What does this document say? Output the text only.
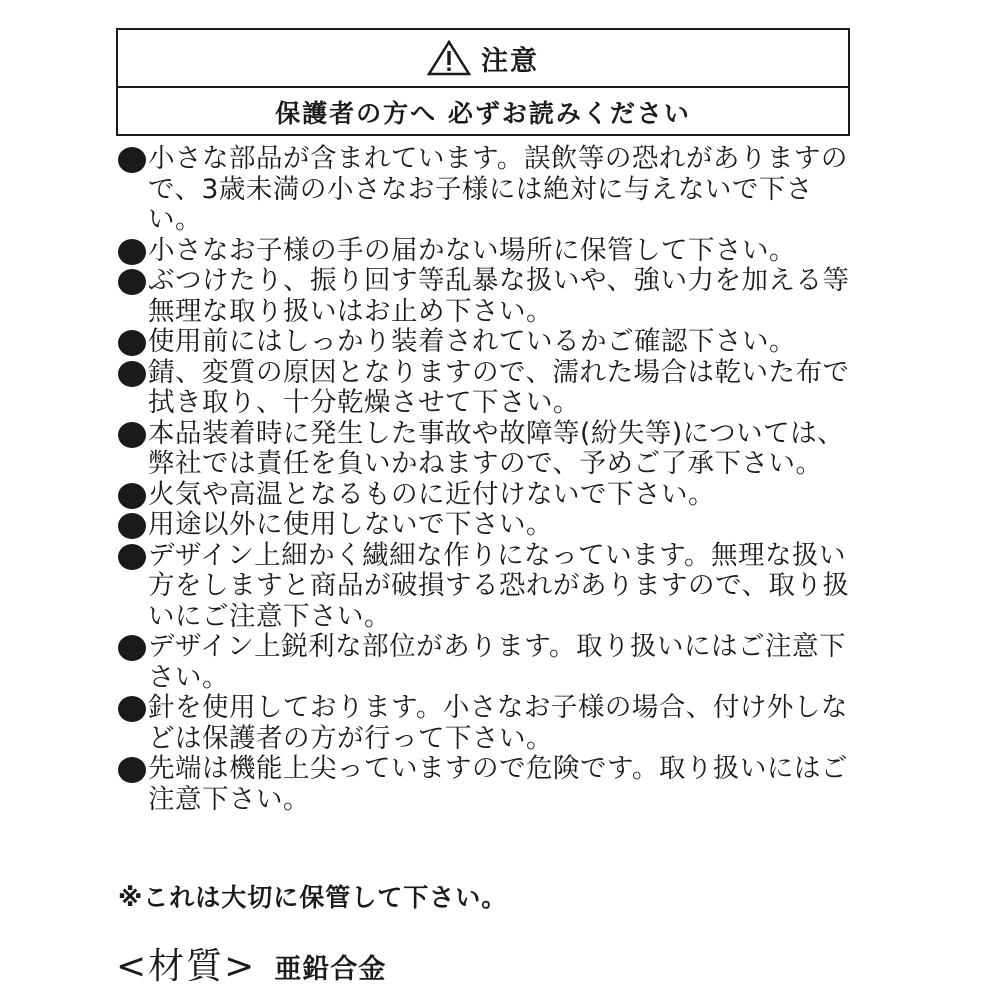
注意
保護者の方へ 必ずお読みください
小さな部品が含まれています。誤飲等の恐れがありますので、3歳未満の小さなお子様には絶対に与えないで下さい。
小さなお子様の手の届かない場所に保管して下さい。
ぶつけたり、振り回す等乱暴な扱いや、強い力を加える等無理な取り扱いはお止め下さい。
使用前にはしっかり装着されているかご確認下さい。
錆、変質の原因となりますので、濡れた場合は乾いた布で拭き取り、十分乾燥させて下さい。
本品装着時に発生した事故や故障等(紛失等)については、弊社では責任を負いかねますので、予めご了承下さい。
火気や高温となるものに近付けないで下さい。
用途以外に使用しないで下さい。
デザイン上細かく繊細な作りになっています。無理な扱い方をしますと商品が破損する恐れがありますので、取り扱いにご注意下さい。
デザイン上鋭利な部位があります。取り扱いにはご注意下さい。
針を使用しております。小さなお子様の場合、付け外しなどは保護者の方が行って下さい。
先端は機能上尖っていますので危険です。取り扱いにはご注意下さい。
※これは大切に保管して下さい。
<材質> 亜鉛合金
